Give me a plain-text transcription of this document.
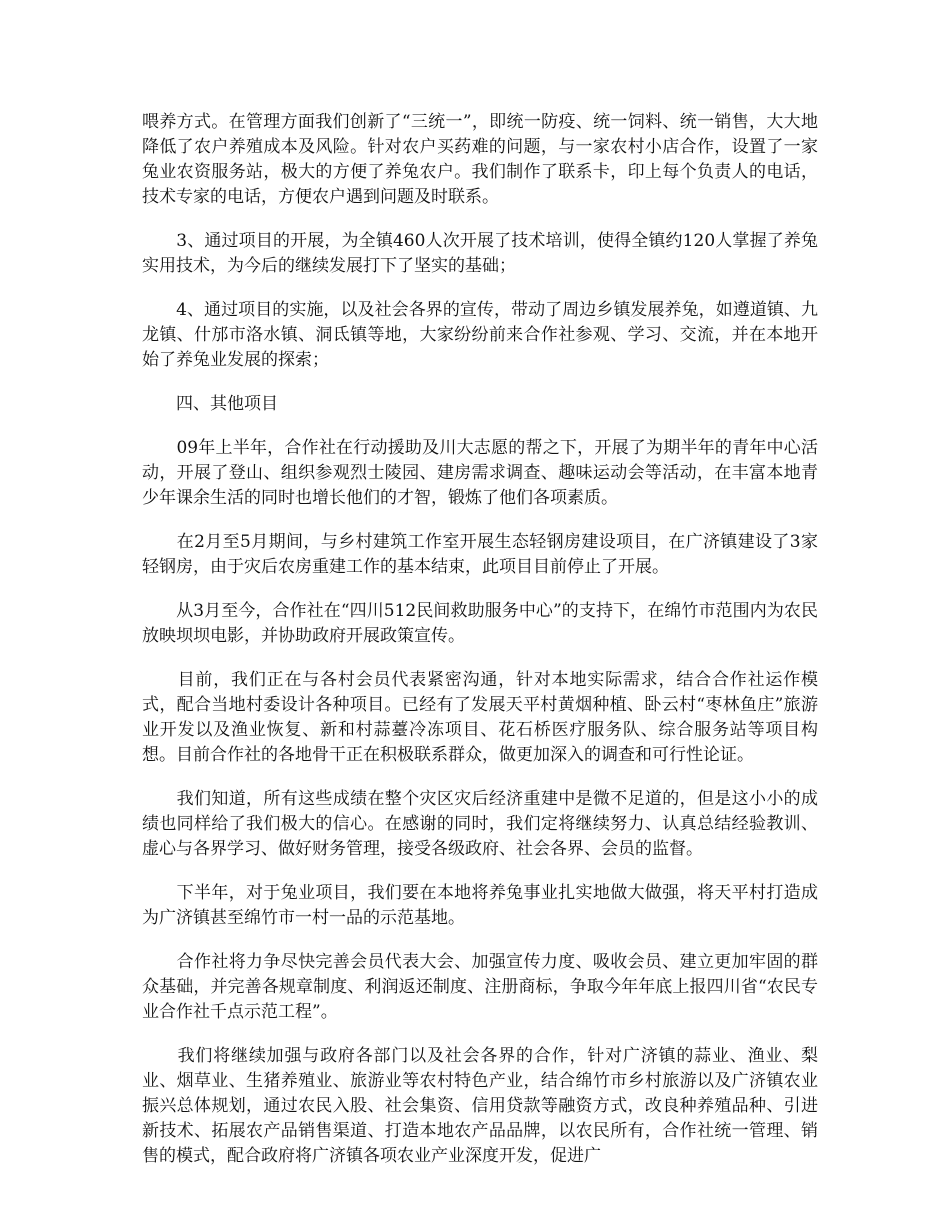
喂养方式。在管理方面我们创新了“三统一”，即统一防疫、统一饲料、统一销售，大大地降低了农户养殖成本及风险。针对农户买药难的问题，与一家农村小店合作，设置了一家兔业农资服务站，极大的方便了养兔农户。我们制作了联系卡，印上每个负责人的电话，技术专家的电话，方便农户遇到问题及时联系。

　　3、通过项目的开展，为全镇460人次开展了技术培训，使得全镇约120人掌握了养兔实用技术，为今后的继续发展打下了坚实的基础；

　　4、通过项目的实施，以及社会各界的宣传，带动了周边乡镇发展养兔，如遵道镇、九龙镇、什邡市洛水镇、洞氐镇等地，大家纷纷前来合作社参观、学习、交流，并在本地开始了养兔业发展的探索；

　　四、其他项目

　　09年上半年，合作社在行动援助及川大志愿的帮之下，开展了为期半年的青年中心活动，开展了登山、组织参观烈士陵园、建房需求调查、趣味运动会等活动，在丰富本地青少年课余生活的同时也增长他们的才智，锻炼了他们各项素质。

　　在2月至5月期间，与乡村建筑工作室开展生态轻钢房建设项目，在广济镇建设了3家轻钢房，由于灾后农房重建工作的基本结束，此项目目前停止了开展。

　　从3月至今，合作社在“四川512民间救助服务中心”的支持下，在绵竹市范围内为农民放映坝坝电影，并协助政府开展政策宣传。

　　目前，我们正在与各村会员代表紧密沟通，针对本地实际需求，结合合作社运作模式，配合当地村委设计各种项目。已经有了发展天平村黄烟种植、卧云村“枣林鱼庄”旅游业开发以及渔业恢复、新和村蒜薹冷冻项目、花石桥医疗服务队、综合服务站等项目构想。目前合作社的各地骨干正在积极联系群众，做更加深入的调查和可行性论证。

　　我们知道，所有这些成绩在整个灾区灾后经济重建中是微不足道的，但是这小小的成绩也同样给了我们极大的信心。在感谢的同时，我们定将继续努力、认真总结经验教训、虚心与各界学习、做好财务管理，接受各级政府、社会各界、会员的监督。

　　下半年，对于兔业项目，我们要在本地将养兔事业扎实地做大做强，将天平村打造成为广济镇甚至绵竹市一村一品的示范基地。

　　合作社将力争尽快完善会员代表大会、加强宣传力度、吸收会员、建立更加牢固的群众基础，并完善各规章制度、利润返还制度、注册商标，争取今年年底上报四川省“农民专业合作社千点示范工程”。

　　我们将继续加强与政府各部门以及社会各界的合作，针对广济镇的蒜业、渔业、梨业、烟草业、生猪养殖业、旅游业等农村特色产业，结合绵竹市乡村旅游以及广济镇农业振兴总体规划，通过农民入股、社会集资、信用贷款等融资方式，改良种养殖品种、引进新技术、拓展农产品销售渠道、打造本地农产品品牌，以农民所有，合作社统一管理、销售的模式，配合政府将广济镇各项农业产业深度开发，促进广
